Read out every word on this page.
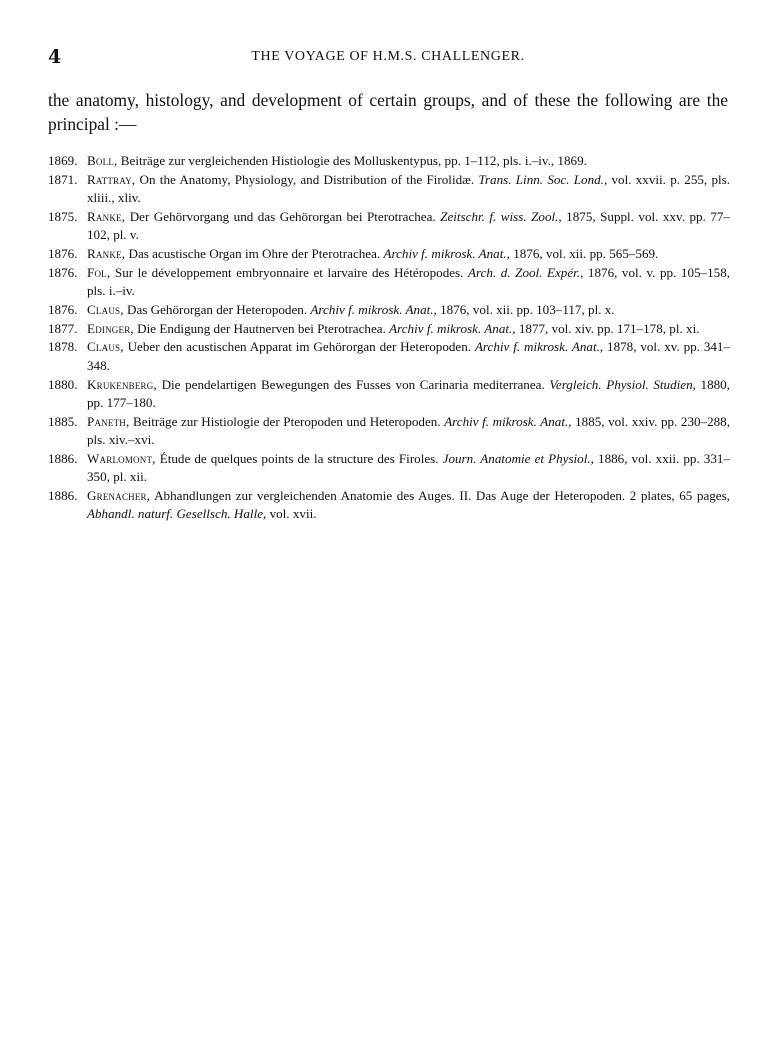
4	THE VOYAGE OF H.M.S. CHALLENGER.

the anatomy, histology, and development of certain groups, and of these the following are the principal :—

1869. Boll, Beiträge zur vergleichenden Histiologie des Molluskentypus, pp. 1–112, pls. i.–iv., 1869.
1871. Rattray, On the Anatomy, Physiology, and Distribution of the Firolidæ. Trans. Linn. Soc. Lond., vol. xxvii. p. 255, pls. xliii., xliv.
1875. Ranke, Der Gehörvorgang und das Gehörorgan bei Pterotrachea. Zeitschr. f. wiss. Zool., 1875, Suppl. vol. xxv. pp. 77–102, pl. v.
1876. Ranke, Das acustische Organ im Ohre der Pterotrachea. Archiv f. mikrosk. Anat., 1876, vol. xii. pp. 565–569.
1876. Fol, Sur le développement embryonnaire et larvaire des Hétéropodes. Arch. d. Zool. Expér., 1876, vol. v. pp. 105–158, pls. i.–iv.
1876. Claus, Das Gehörorgan der Heteropoden. Archiv f. mikrosk. Anat., 1876, vol. xii. pp. 103–117, pl. x.
1877. Edinger, Die Endigung der Hautnerven bei Pterotrachea. Archiv f. mikrosk. Anat., 1877, vol. xiv. pp. 171–178, pl. xi.
1878. Claus, Ueber den acustischen Apparat im Gehörorgan der Heteropoden. Archiv f. mikrosk. Anat., 1878, vol. xv. pp. 341–348.
1880. Krukenberg, Die pendelartigen Bewegungen des Fusses von Carinaria mediterranea. Vergleich. Physiol. Studien, 1880, pp. 177–180.
1885. Paneth, Beiträge zur Histiologie der Pteropoden und Heteropoden. Archiv f. mikrosk. Anat., 1885, vol. xxiv. pp. 230–288, pls. xiv.–xvi.
1886. Warlomont, Étude de quelques points de la structure des Firoles. Journ. Anatomie et Physiol., 1886, vol. xxii. pp. 331–350, pl. xii.
1886. Grenacher, Abhandlungen zur vergleichenden Anatomie des Auges. II. Das Auge der Heteropoden. 2 plates, 65 pages, Abhandl. naturf. Gesellsch. Halle, vol. xvii.
